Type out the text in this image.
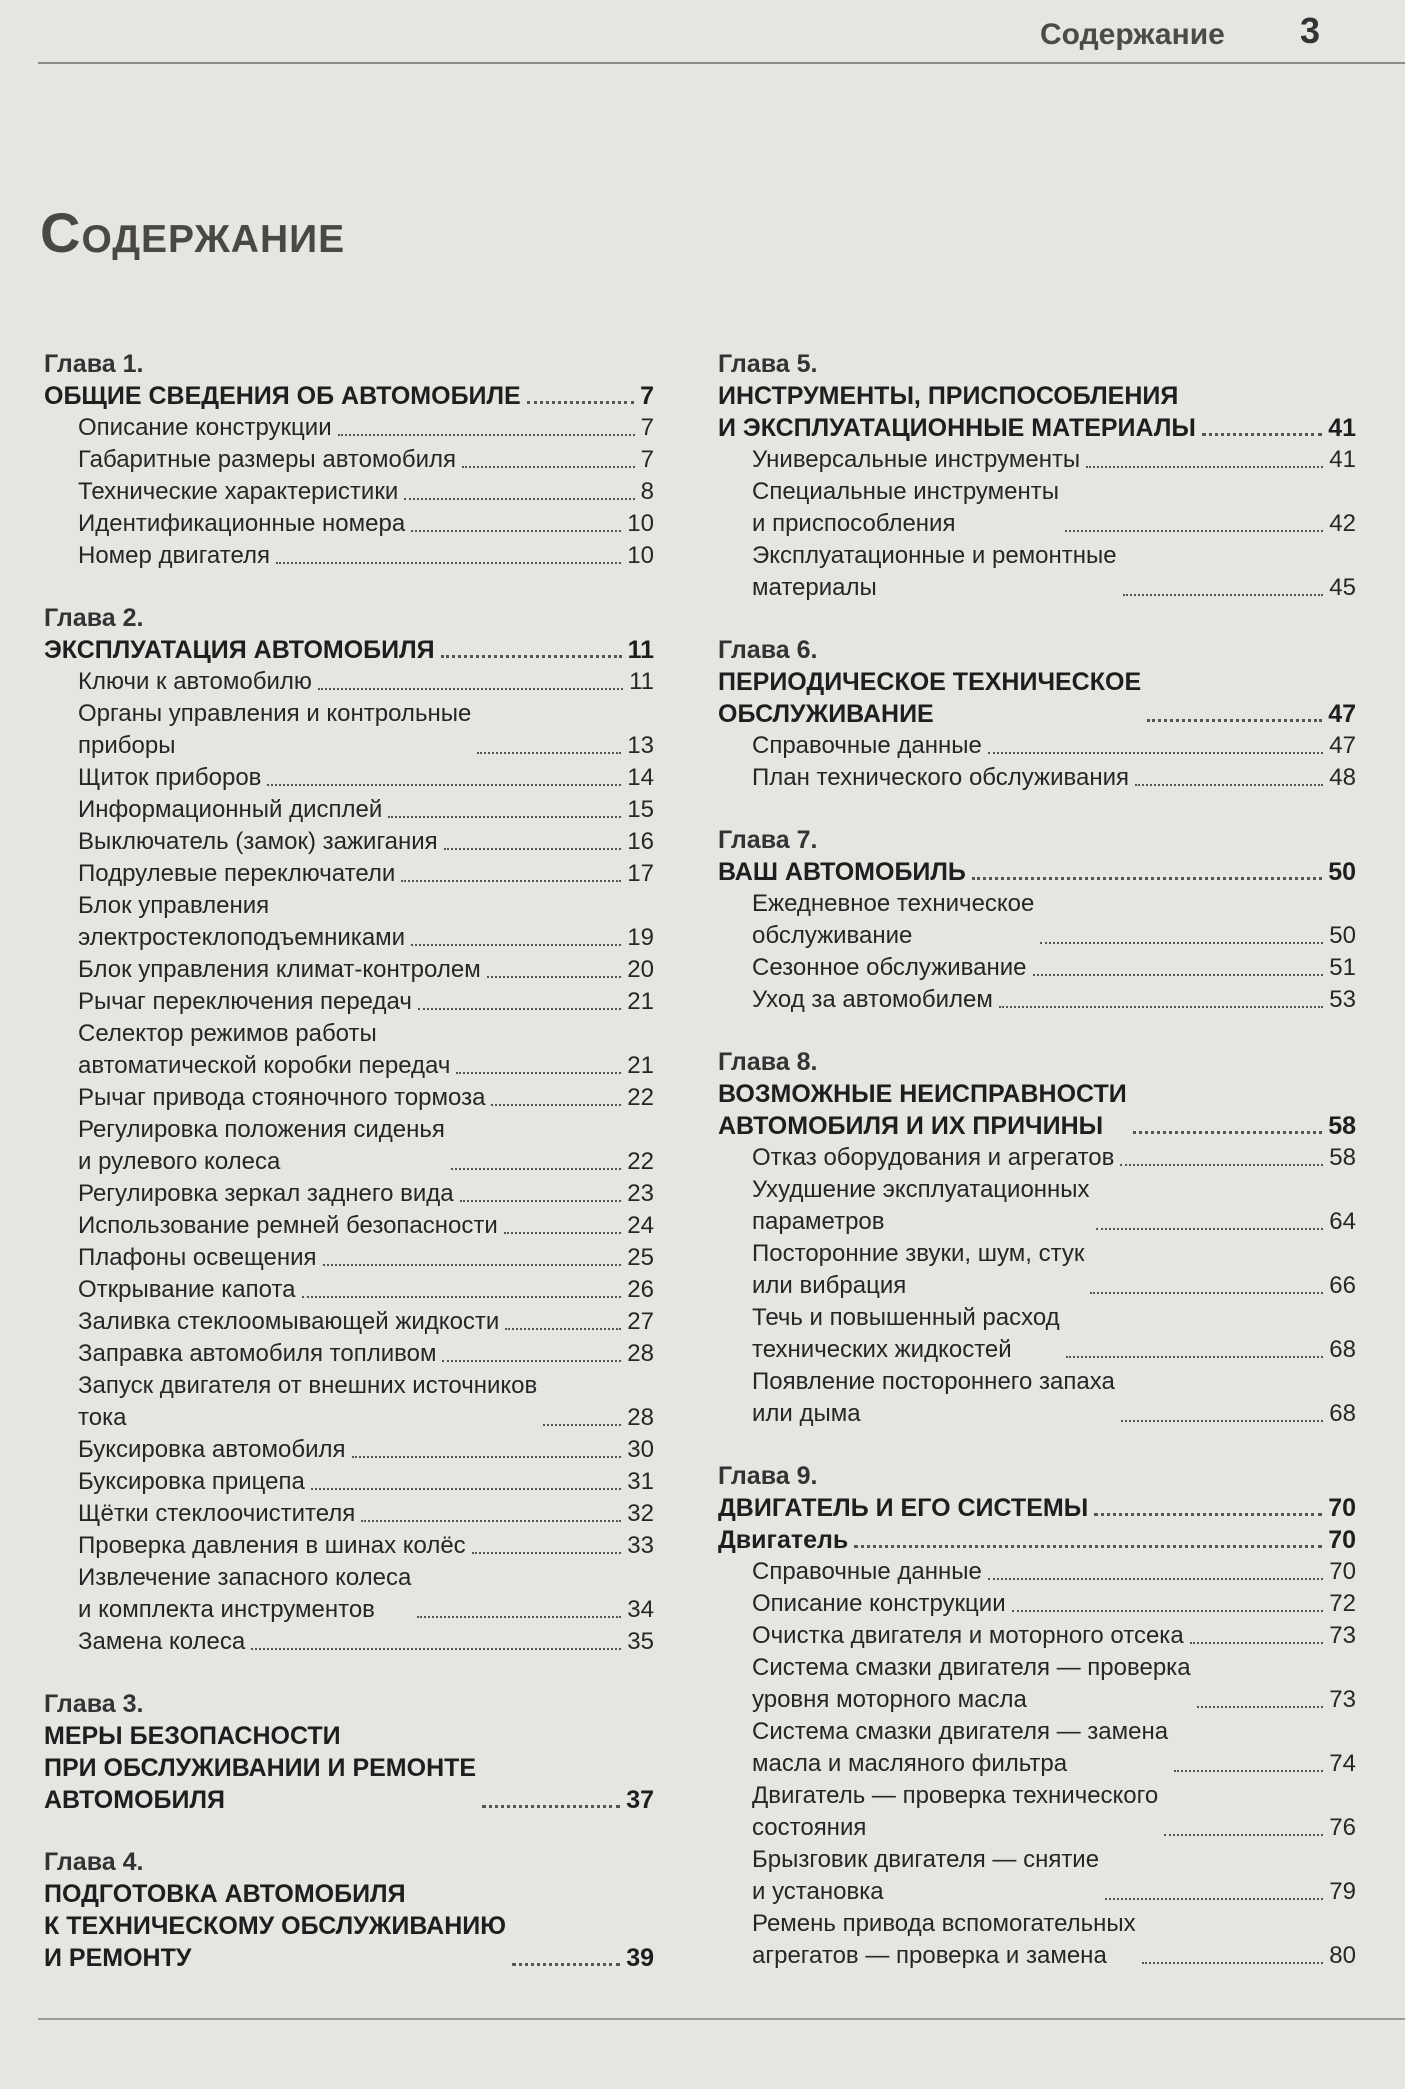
Содержание	3
Содержание
Глава 1.
ОБЩИЕ СВЕДЕНИЯ ОБ АВТОМОБИЛЕ	7
Описание конструкции	7
Габаритные размеры автомобиля	7
Технические характеристики	8
Идентификационные номера	10
Номер двигателя	10
Глава 2.
ЭКСПЛУАТАЦИЯ АВТОМОБИЛЯ	11
Ключи к автомобилю	11
Органы управления и контрольные
приборы	13
Щиток приборов	14
Информационный дисплей	15
Выключатель (замок) зажигания	16
Подрулевые переключатели	17
Блок управления
электростеклоподъемниками	19
Блок управления климат-контролем	20
Рычаг переключения передач	21
Селектор режимов работы
автоматической коробки передач	21
Рычаг привода стояночного тормоза	22
Регулировка положения сиденья
и рулевого колеса	22
Регулировка зеркал заднего вида	23
Использование ремней безопасности	24
Плафоны освещения	25
Открывание капота	26
Заливка стеклоомывающей жидкости	27
Заправка автомобиля топливом	28
Запуск двигателя от внешних источников
тока	28
Буксировка автомобиля	30
Буксировка прицепа	31
Щётки стеклоочистителя	32
Проверка давления в шинах колёс	33
Извлечение запасного колеса
и комплекта инструментов	34
Замена колеса	35
Глава 3.
МЕРЫ БЕЗОПАСНОСТИ
ПРИ ОБСЛУЖИВАНИИ И РЕМОНТЕ
АВТОМОБИЛЯ	37
Глава 4.
ПОДГОТОВКА АВТОМОБИЛЯ
К ТЕХНИЧЕСКОМУ ОБСЛУЖИВАНИЮ
И РЕМОНТУ	39
Глава 5.
ИНСТРУМЕНТЫ, ПРИСПОСОБЛЕНИЯ
И ЭКСПЛУАТАЦИОННЫЕ МАТЕРИАЛЫ	41
Универсальные инструменты	41
Специальные инструменты
и приспособления	42
Эксплуатационные и ремонтные
материалы	45
Глава 6.
ПЕРИОДИЧЕСКОЕ ТЕХНИЧЕСКОЕ
ОБСЛУЖИВАНИЕ	47
Справочные данные	47
План технического обслуживания	48
Глава 7.
ВАШ АВТОМОБИЛЬ	50
Ежедневное техническое
обслуживание	50
Сезонное обслуживание	51
Уход за автомобилем	53
Глава 8.
ВОЗМОЖНЫЕ НЕИСПРАВНОСТИ
АВТОМОБИЛЯ И ИХ ПРИЧИНЫ	58
Отказ оборудования и агрегатов	58
Ухудшение эксплуатационных
параметров	64
Посторонние звуки, шум, стук
или вибрация	66
Течь и повышенный расход
технических жидкостей	68
Появление постороннего запаха
или дыма	68
Глава 9.
ДВИГАТЕЛЬ И ЕГО СИСТЕМЫ	70
Двигатель	70
Справочные данные	70
Описание конструкции	72
Очистка двигателя и моторного отсека	73
Система смазки двигателя — проверка
уровня моторного масла	73
Система смазки двигателя — замена
масла и масляного фильтра	74
Двигатель — проверка технического
состояния	76
Брызговик двигателя — снятие
и установка	79
Ремень привода вспомогательных
агрегатов — проверка и замена	80
